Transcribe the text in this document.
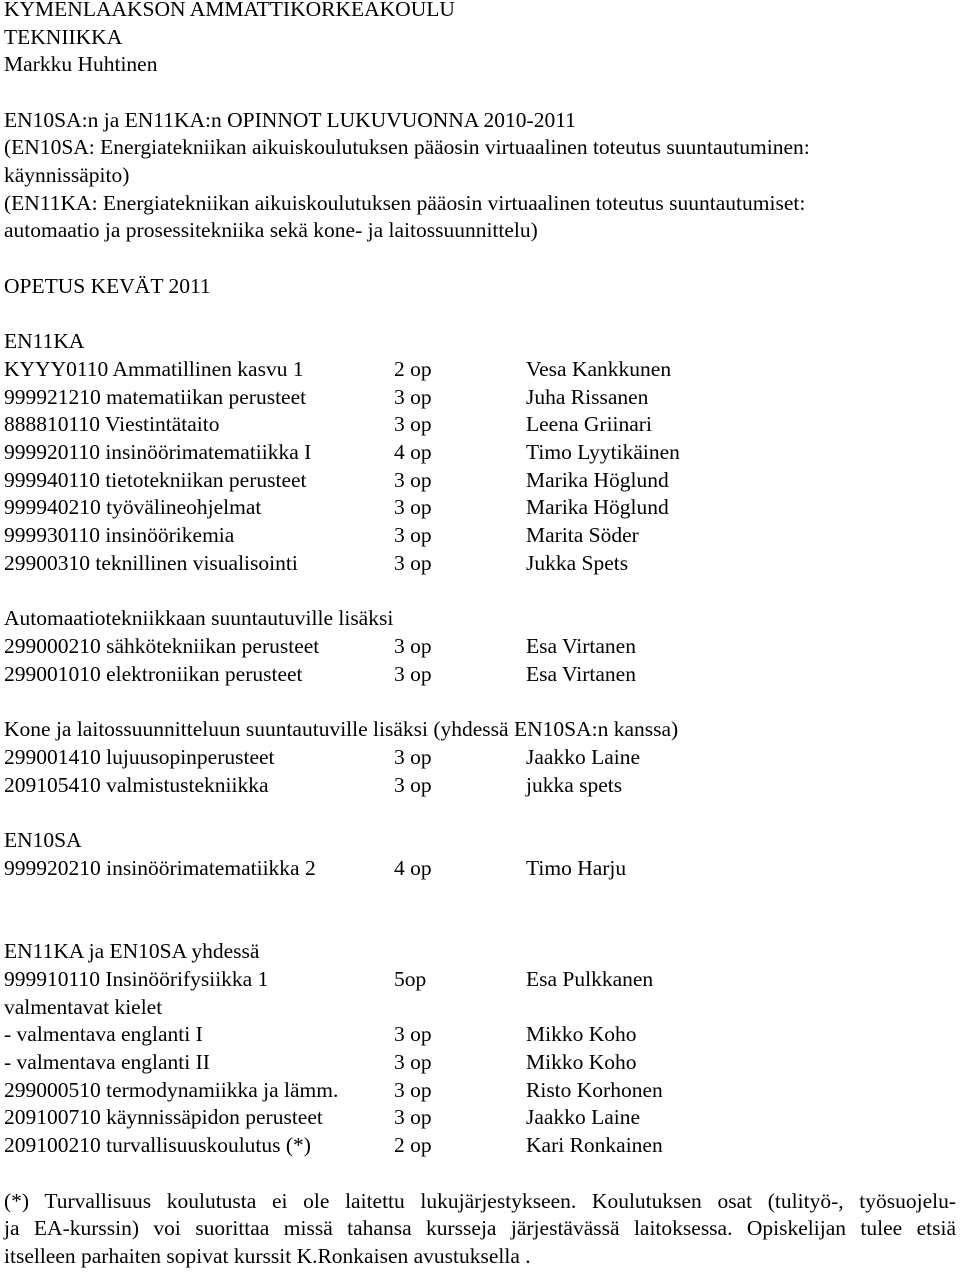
KYMENLAAKSON AMMATTIKORKEAKOULU
TEKNIIKKA
Markku Huhtinen
EN10SA:n ja EN11KA:n OPINNOT LUKUVUONNA 2010-2011
(EN10SA: Energiatekniikan aikuiskoulutuksen pääosin virtuaalinen toteutus suuntautuminen:
käynnissäpito)
(EN11KA: Energiatekniikan aikuiskoulutuksen pääosin virtuaalinen toteutus suuntautumiset:
automaatio ja prosessitekniika sekä kone- ja laitossuunnittelu)
OPETUS KEVÄT 2011
EN11KA
KYYY0110 Ammatillinen kasvu 1	2 op	Vesa Kankkunen
999921210 matematiikan perusteet	3 op	Juha Rissanen
888810110 Viestintätaito	3 op	Leena Griinari
999920110 insinöörimatematiikka I	4 op	Timo Lyytikäinen
999940110 tietotekniikan perusteet	3 op	Marika Höglund
999940210 työvälineohjelmat	3 op	Marika Höglund
999930110 insinöörikemia	3 op	Marita Söder
29900310 teknillinen visualisointi	3 op	Jukka Spets
Automaatiotekniikkaan suuntautuville lisäksi
299000210 sähkötekniikan perusteet	3 op	Esa Virtanen
299001010 elektroniikan perusteet	3 op	Esa Virtanen
Kone ja laitossuunnitteluun suuntautuville lisäksi (yhdessä EN10SA:n kanssa)
299001410 lujuusopinperusteet	3 op	Jaakko Laine
209105410 valmistustekniikka	3 op	jukka spets
EN10SA
999920210 insinöörimatematiikka 2	4 op	Timo Harju
EN11KA ja EN10SA yhdessä
999910110 Insinöörifysiikka 1	5op	Esa Pulkkanen
valmentavat kielet
- valmentava englanti I	3 op	Mikko Koho
- valmentava englanti II	3 op	Mikko Koho
299000510 termodynamiikka ja lämm.	3 op	Risto Korhonen
209100710 käynnissäpidon perusteet	3 op	Jaakko Laine
209100210 turvallisuuskoulutus (*)	2 op	Kari Ronkainen
(*) Turvallisuus koulutusta ei ole laitettu lukujärjestykseen. Koulutuksen osat (tulityö-, työsuojelu-
ja EA-kurssin) voi suorittaa missä tahansa kursseja järjestävässä laitoksessa. Opiskelijan tulee etsiä
itselleen parhaiten sopivat kurssit K.Ronkaisen avustuksella .
